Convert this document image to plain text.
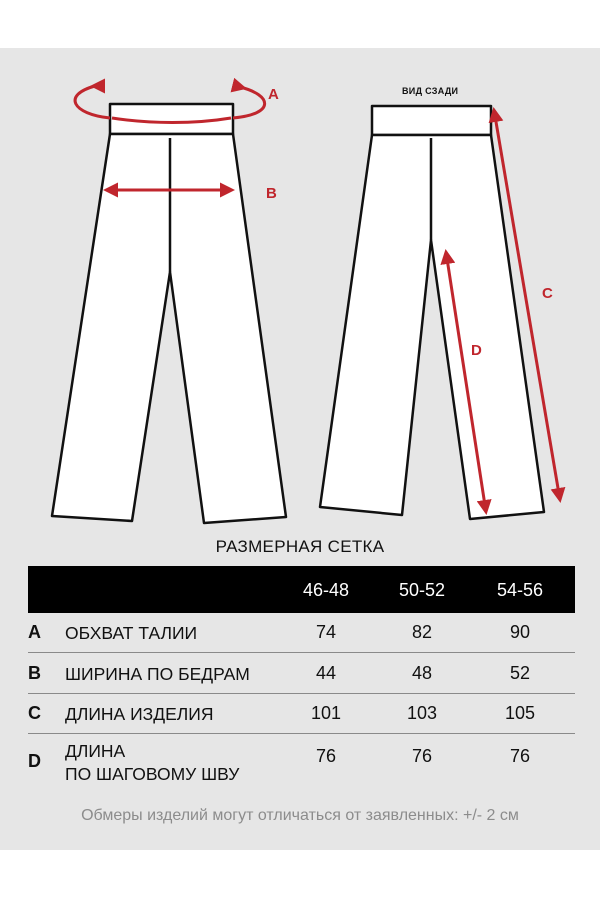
A
B
C
D
ВИД СЗАДИ
РАЗМЕРНАЯ СЕТКА
46-48	50-52	54-56
A ОБХВАТ ТАЛИИ	74	82	90
B ШИРИНА ПО БЕДРАМ	44	48	52
C ДЛИНА ИЗДЕЛИЯ	101	103	105
D ДЛИНА
ПО ШАГОВОМУ ШВУ
76	76	76
Обмеры изделий могут отличаться от заявленных: +/- 2 см
